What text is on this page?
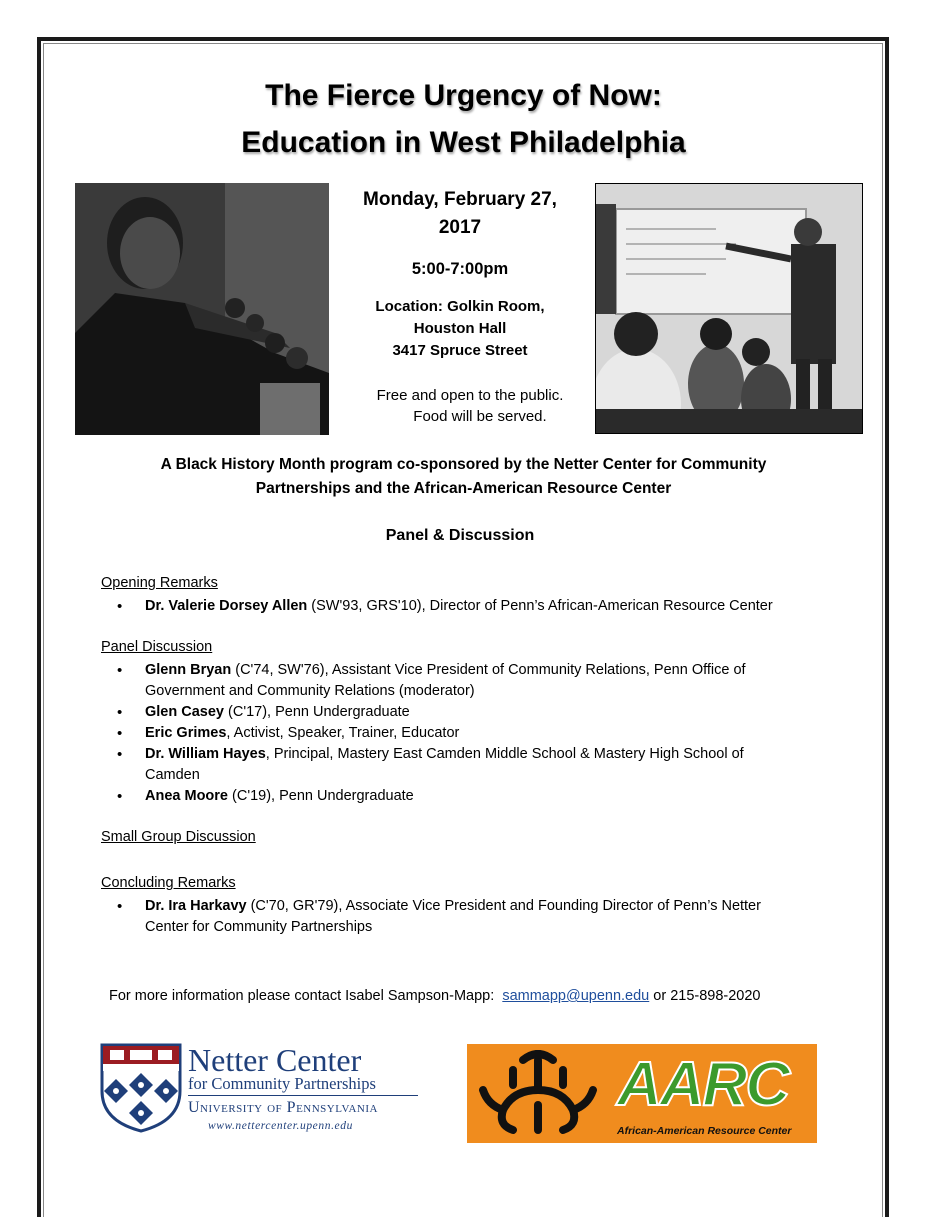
The Fierce Urgency of Now:
Education in West Philadelphia
Monday, February 27,
2017
5:00-7:00pm
Location: Golkin Room,
Houston Hall
3417 Spruce Street
Free and open to the public.
Food will be served.
A Black History Month program co-sponsored by the Netter Center for Community
Partnerships and the African-American Resource Center
Panel & Discussion
Opening Remarks
• Dr. Valerie Dorsey Allen (SW'93, GRS'10), Director of Penn’s African-American Resource Center
Panel Discussion
• Glenn Bryan (C'74, SW'76), Assistant Vice President of Community Relations, Penn Office of Government and Community Relations (moderator)
• Glen Casey (C'17), Penn Undergraduate
• Eric Grimes, Activist, Speaker, Trainer, Educator
• Dr. William Hayes, Principal, Mastery East Camden Middle School & Mastery High School of Camden
• Anea Moore (C'19), Penn Undergraduate
Small Group Discussion
Concluding Remarks
• Dr. Ira Harkavy (C'70, GR'79), Associate Vice President and Founding Director of Penn’s Netter Center for Community Partnerships
For more information please contact Isabel Sampson-Mapp:  sammapp@upenn.edu or 215-898-2020
Netter Center
for Community Partnerships
University of Pennsylvania
www.nettercenter.upenn.edu
AARC
African-American Resource Center
